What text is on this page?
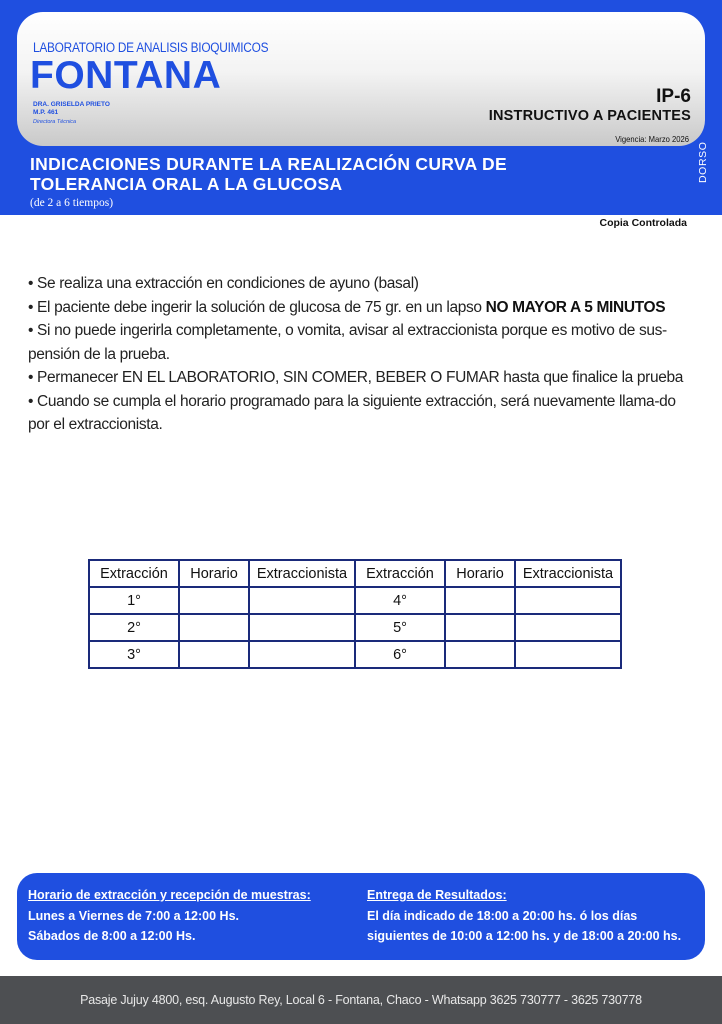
LABORATORIO DE ANALISIS BIOQUIMICOS
FONTANA
DRA. GRISELDA PRIETO
M.P. 461
Directora Técnica
IP-6
INSTRUCTIVO A PACIENTES
Vigencia: Marzo 2026
INDICACIONES DURANTE LA REALIZACIÓN CURVA DE
TOLERANCIA ORAL A LA GLUCOSA
(de 2 a 6 tiempos)
DORSO
Copia Controlada
• Se realiza una extracción en condiciones de ayuno (basal)
• El paciente debe ingerir la solución de glucosa de 75 gr. en un lapso NO MAYOR A 5 MINUTOS
• Si no puede ingerirla completamente, o vomita, avisar al extraccionista porque es motivo de sus-pensión de la prueba.
• Permanecer EN EL LABORATORIO, SIN COMER, BEBER O FUMAR hasta que finalice la prueba
• Cuando se cumpla el horario programado para la siguiente extracción, será nuevamente llama-do por el extraccionista.
Extracción	Horario	Extraccionista	Extracción	Horario	Extraccionista
1°			4°		
2°			5°		
3°			6°		
Horario de extracción y recepción de muestras:
Lunes a Viernes de 7:00 a 12:00 Hs.
Sábados de 8:00 a 12:00 Hs.
Entrega de Resultados:
El día indicado de 18:00 a 20:00 hs. ó los días
siguientes de 10:00 a 12:00 hs. y de 18:00 a 20:00 hs.
Pasaje Jujuy 4800, esq. Augusto Rey, Local 6 - Fontana, Chaco - Whatsapp 3625 730777 - 3625 730778
